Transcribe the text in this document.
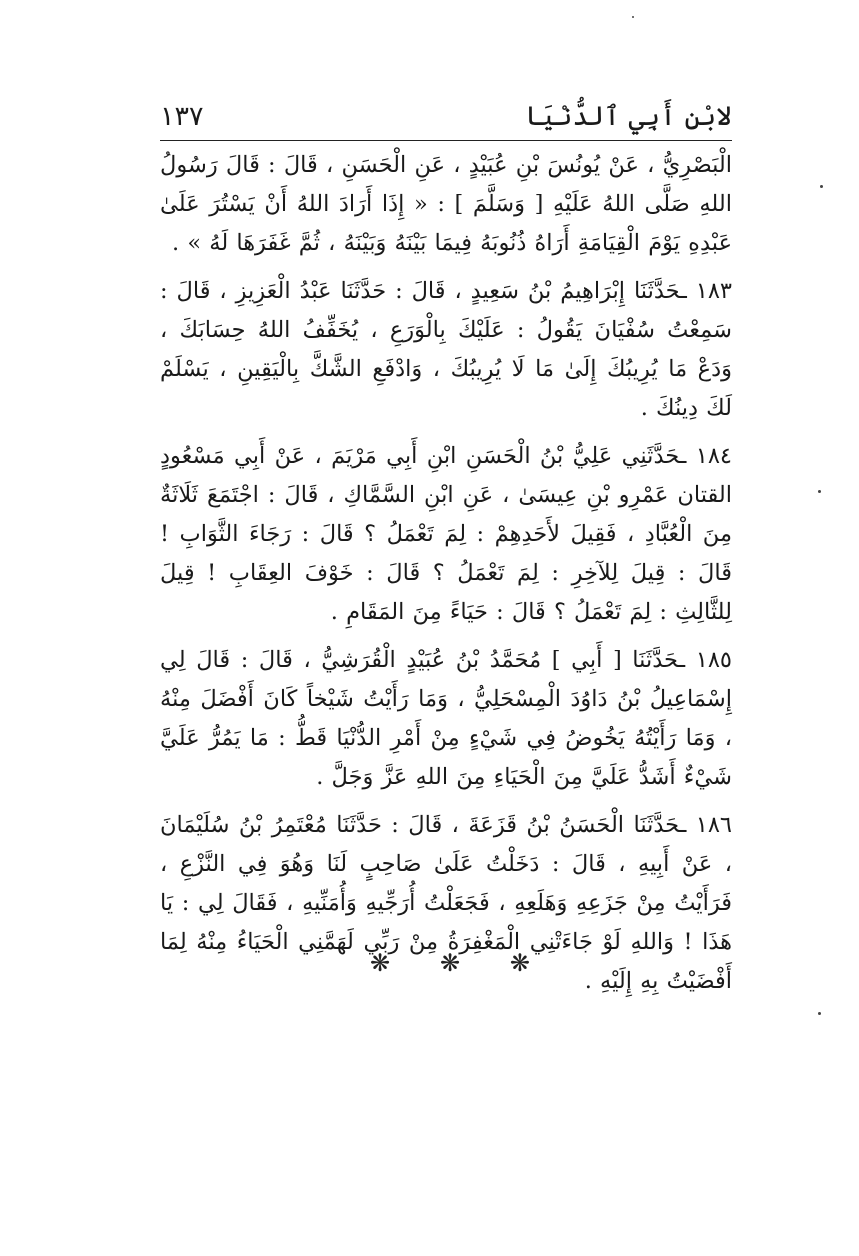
لابْنِ أَبِي ٱلدُّنْيَا
١٣٧

الْبَصْرِيُّ ، عَنْ يُونُسَ بْنِ عُبَيْدٍ ، عَنِ الْحَسَنِ ، قَالَ : قَالَ رَسُولُ اللهِ صَلَّى اللهُ عَلَيْهِ [ وَسَلَّمَ ] : « إِذَا أَرَادَ اللهُ أَنْ يَسْتُرَ عَلَىٰ عَبْدِهِ يَوْمَ الْقِيَامَةِ أَرَاهُ ذُنُوبَهُ فِيمَا بَيْنَهُ وَبَيْنَهُ ، ثُمَّ غَفَرَهَا لَهُ » .

١٨٣ ـحَدَّثَنَا إِبْرَاهِيمُ بْنُ سَعِيدٍ ، قَالَ : حَدَّثَنَا عَبْدُ الْعَزِيزِ ، قَالَ : سَمِعْتُ سُفْيَانَ يَقُولُ : عَلَيْكَ بِالْوَرَعِ ، يُخَفِّفُ اللهُ حِسَابَكَ ، وَدَعْ مَا يُرِيبُكَ إِلَىٰ مَا لَا يُرِيبُكَ ، وَادْفَعِ الشَّكَّ بِالْيَقِينِ ، يَسْلَمْ لَكَ دِينُكَ .

١٨٤ ـحَدَّثَنِي عَلِيُّ بْنُ الْحَسَنِ ابْنِ أَبِي مَرْيَمَ ، عَنْ أَبِي مَسْعُودٍ القتان عَمْرِو بْنِ عِيسَىٰ ، عَنِ ابْنِ السَّمَّاكِ ، قَالَ : اجْتَمَعَ ثَلَاثَةٌ مِنَ الْعُبَّادِ ، فَقِيلَ لأَحَدِهِمْ : لِمَ تَعْمَلُ ؟ قَالَ : رَجَاءَ الثَّوَابِ ! قَالَ : قِيلَ لِلآخِرِ : لِمَ تَعْمَلُ ؟ قَالَ : خَوْفَ العِقَابِ ! قِيلَ لِلثَّالِثِ : لِمَ تَعْمَلُ ؟ قَالَ : حَيَاءً مِنَ المَقَامِ .

١٨٥ ـحَدَّثَنَا [ أَبِي ] مُحَمَّدُ بْنُ عُبَيْدٍ الْقُرَشِيُّ ، قَالَ : قَالَ لِي إِسْمَاعِيلُ بْنُ دَاوُدَ الْمِسْحَلِيُّ ، وَمَا رَأَيْتُ شَيْخاً كَانَ أَفْضَلَ مِنْهُ ، وَمَا رَأَيْتُهُ يَخُوضُ فِي شَيْءٍ مِنْ أَمْرِ الدُّنْيَا قَطُّ : مَا يَمُرُّ عَلَيَّ شَيْءٌ أَشَدُّ عَلَيَّ مِنَ الْحَيَاءِ مِنَ اللهِ عَزَّ وَجَلَّ .

١٨٦ ـحَدَّثَنَا الْحَسَنُ بْنُ قَزَعَةَ ، قَالَ : حَدَّثَنَا مُعْتَمِرُ بْنُ سُلَيْمَانَ ، عَنْ أَبِيهِ ، قَالَ : دَخَلْتُ عَلَىٰ صَاحِبٍ لَنَا وَهُوَ فِي النَّزْعِ ، فَرَأَيْتُ مِنْ جَزَعِهِ وَهَلَعِهِ ، فَجَعَلْتُ أُرَجِّيهِ وَأُمَنِّيهِ ، فَقَالَ لِي : يَا هَذَا ! وَاللهِ لَوْ جَاءَتْنِي الْمَغْفِرَةُ مِنْ رَبِّي لَهَمَّنِي الْحَيَاءُ مِنْهُ لِمَا أَفْضَيْتُ بِهِ إِلَيْهِ .

❋ ❋ ❋
